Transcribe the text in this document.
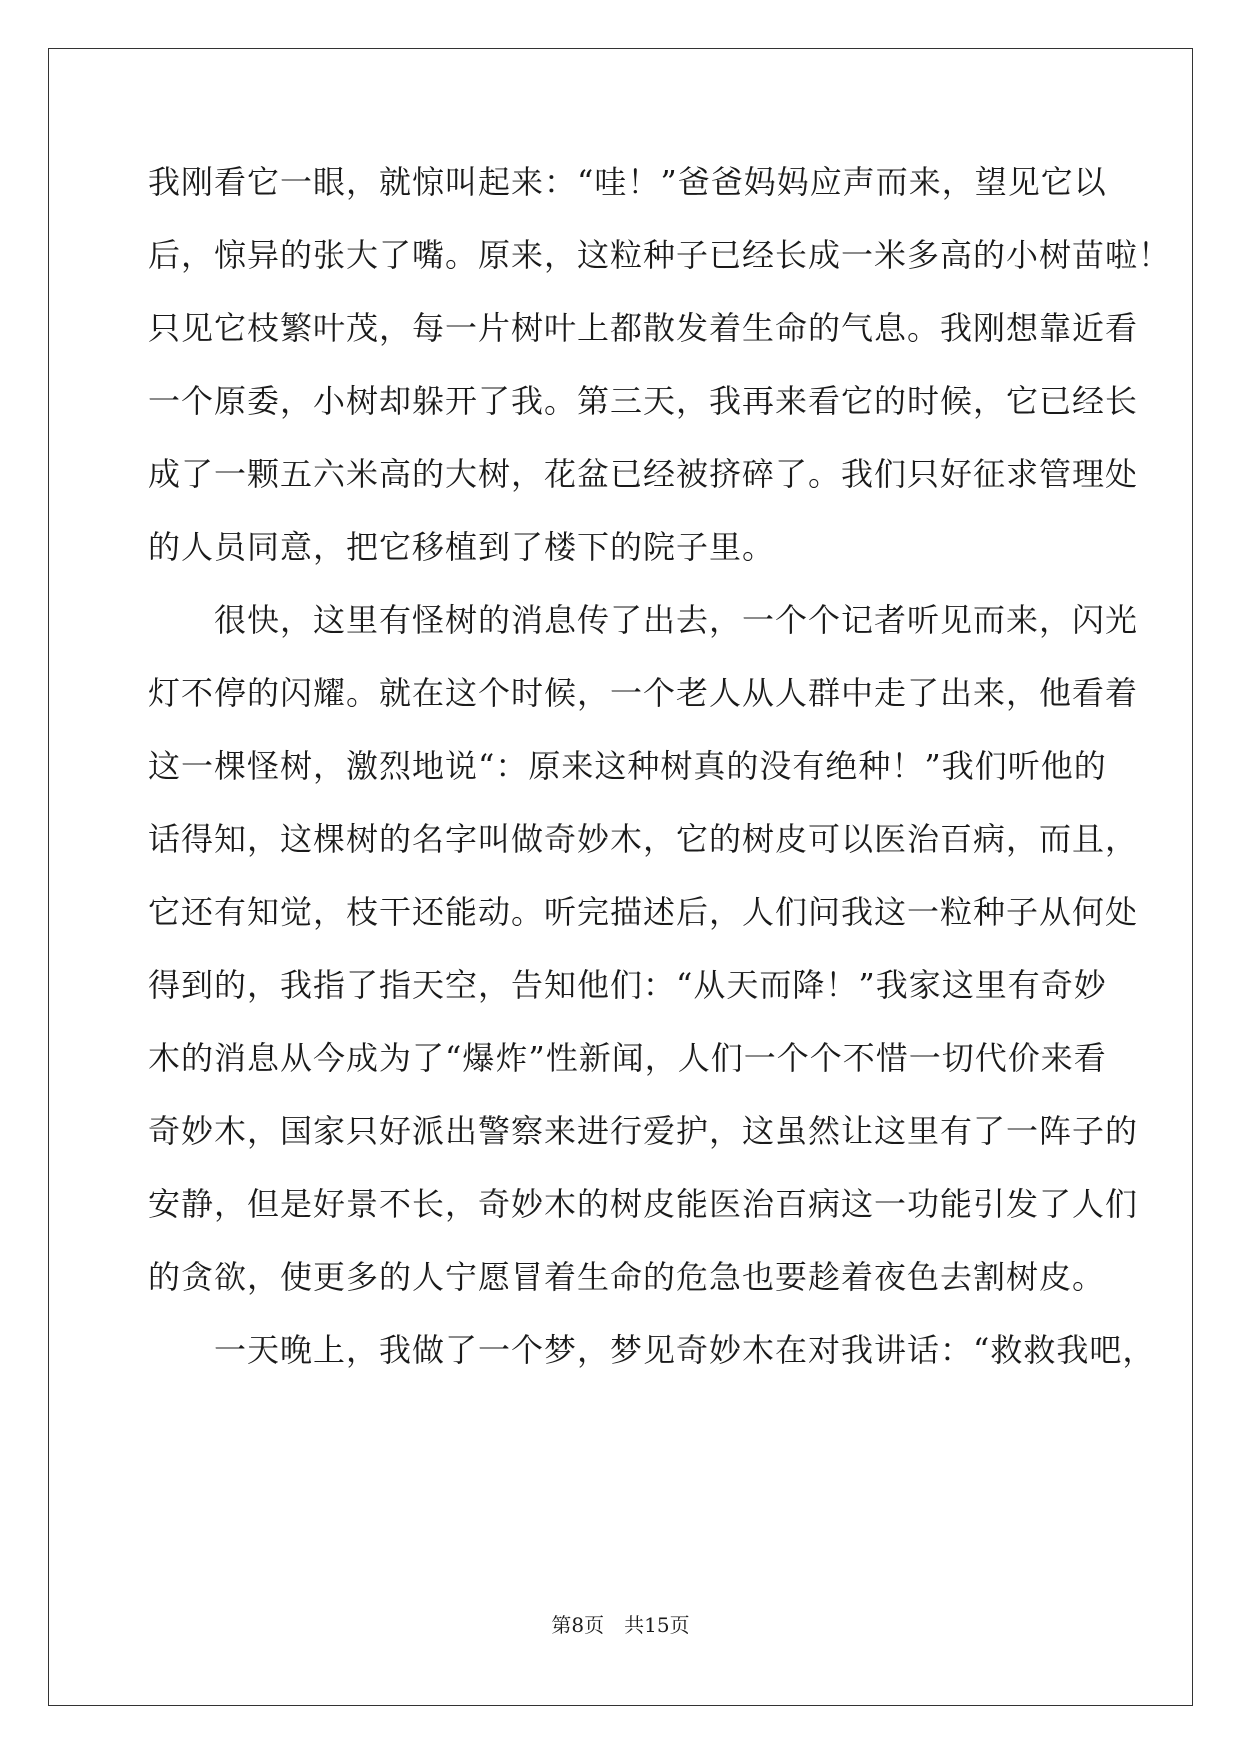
我刚看它一眼，就惊叫起来：“哇！”爸爸妈妈应声而来，望见它以
后，惊异的张大了嘴。原来，这粒种子已经长成一米多高的小树苗啦！
只见它枝繁叶茂，每一片树叶上都散发着生命的气息。我刚想靠近看
一个原委，小树却躲开了我。第三天，我再来看它的时候，它已经长
成了一颗五六米高的大树，花盆已经被挤碎了。我们只好征求管理处
的人员同意，把它移植到了楼下的院子里。
　　很快，这里有怪树的消息传了出去，一个个记者听见而来，闪光
灯不停的闪耀。就在这个时候，一个老人从人群中走了出来，他看着
这一棵怪树，激烈地说“：原来这种树真的没有绝种！”我们听他的
话得知，这棵树的名字叫做奇妙木，它的树皮可以医治百病，而且，
它还有知觉，枝干还能动。听完描述后，人们问我这一粒种子从何处
得到的，我指了指天空，告知他们：“从天而降！”我家这里有奇妙
木的消息从今成为了“爆炸”性新闻，人们一个个不惜一切代价来看
奇妙木，国家只好派出警察来进行爱护，这虽然让这里有了一阵子的
安静，但是好景不长，奇妙木的树皮能医治百病这一功能引发了人们
的贪欲，使更多的人宁愿冒着生命的危急也要趁着夜色去割树皮。
　　一天晚上，我做了一个梦，梦见奇妙木在对我讲话：“救救我吧，
第8页　共15页
